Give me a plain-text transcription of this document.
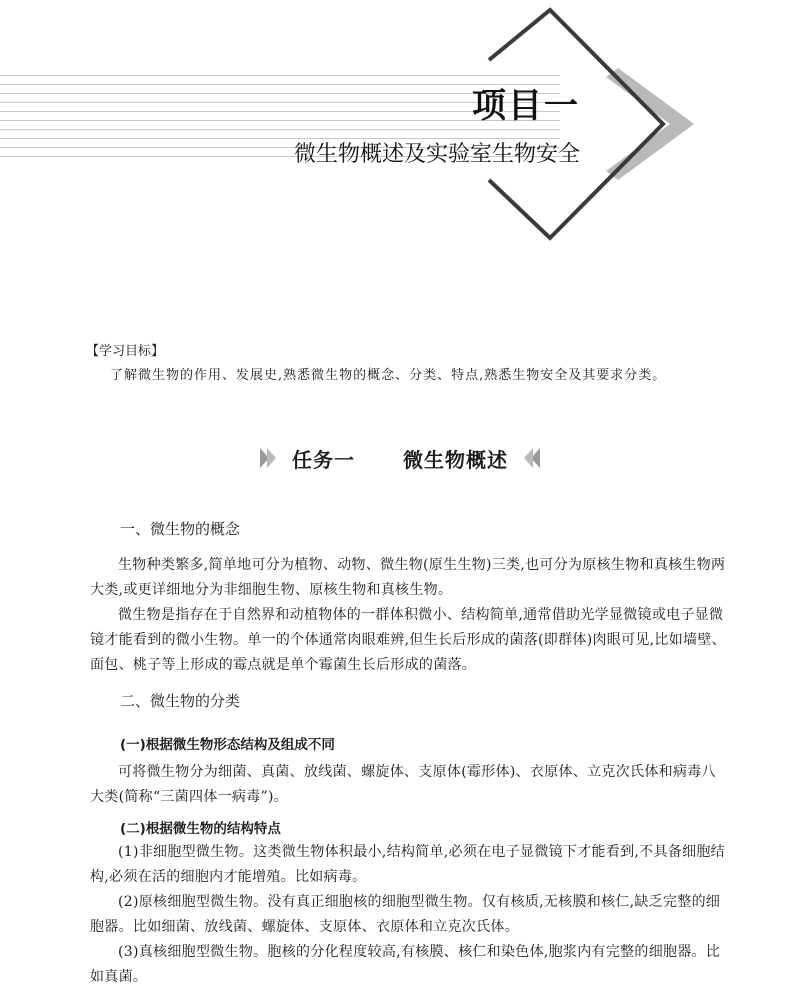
项目一
微生物概述及实验室生物安全
【学习目标】
了解微生物的作用、发展史,熟悉微生物的概念、分类、特点,熟悉生物安全及其要求分类。
任务一 微生物概述
一、微生物的概念
生物种类繁多,简单地可分为植物、动物、微生物(原生生物)三类,也可分为原核生物和真核生物两大类,或更详细地分为非细胞生物、原核生物和真核生物。
微生物是指存在于自然界和动植物体的一群体积微小、结构简单,通常借助光学显微镜或电子显微镜才能看到的微小生物。单一的个体通常肉眼难辨,但生长后形成的菌落(即群体)肉眼可见,比如墙壁、面包、桃子等上形成的霉点就是单个霉菌生长后形成的菌落。
二、微生物的分类
(一)根据微生物形态结构及组成不同
可将微生物分为细菌、真菌、放线菌、螺旋体、支原体(霉形体)、衣原体、立克次氏体和病毒八大类(简称“三菌四体一病毒”)。
(二)根据微生物的结构特点
(1)非细胞型微生物。这类微生物体积最小,结构简单,必须在电子显微镜下才能看到,不具备细胞结构,必须在活的细胞内才能增殖。比如病毒。
(2)原核细胞型微生物。没有真正细胞核的细胞型微生物。仅有核质,无核膜和核仁,缺乏完整的细胞器。比如细菌、放线菌、螺旋体、支原体、衣原体和立克次氏体。
(3)真核细胞型微生物。胞核的分化程度较高,有核膜、核仁和染色体,胞浆内有完整的细胞器。比如真菌。
